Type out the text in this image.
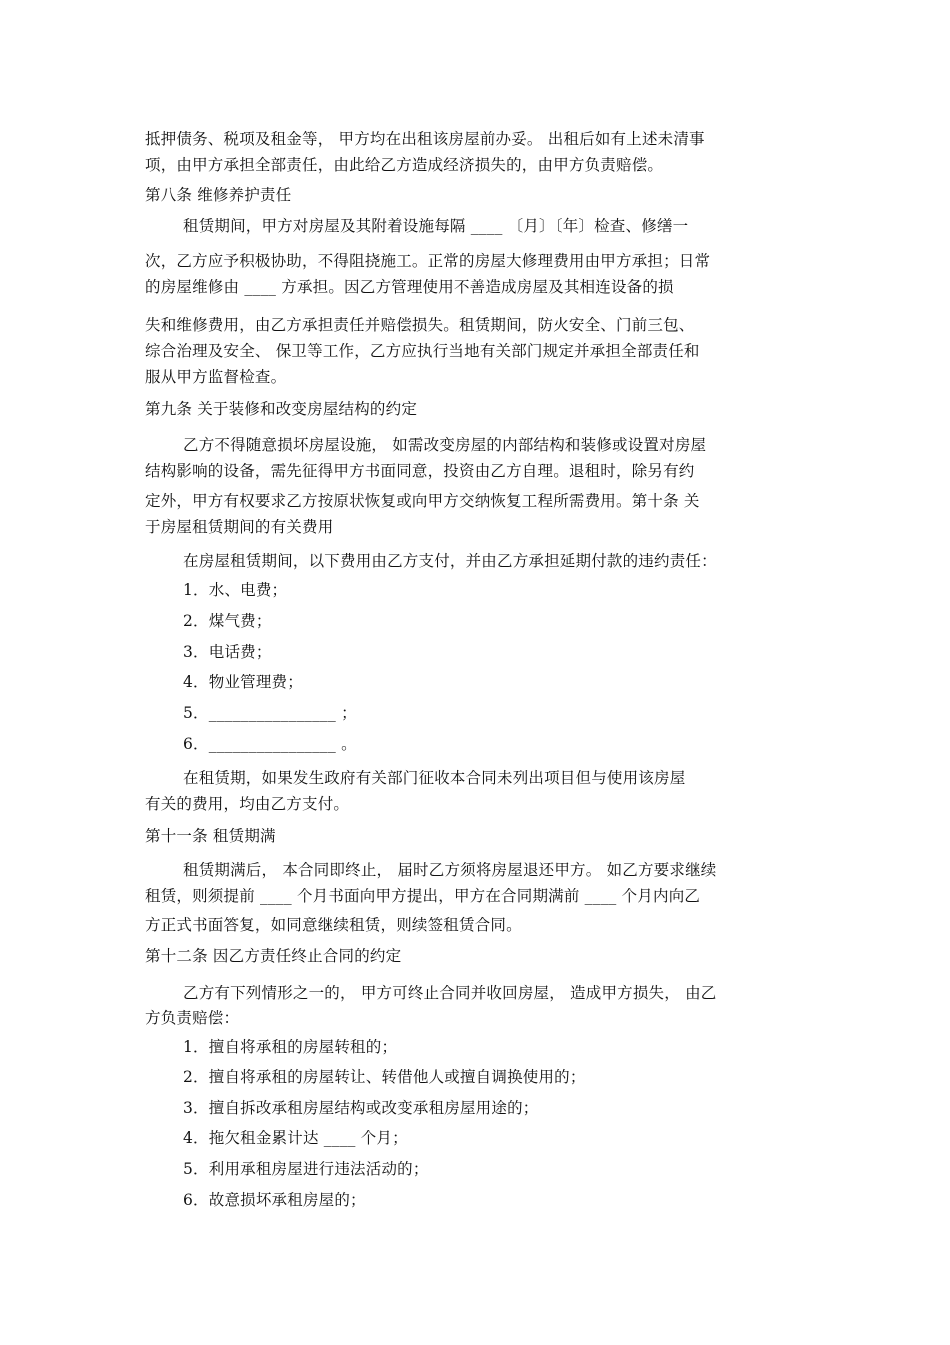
抵押债务、税项及租金等， 甲方均在出租该房屋前办妥。 出租后如有上述未清事
项，由甲方承担全部责任，由此给乙方造成经济损失的，由甲方负责赔偿。
第八条 维修养护责任
租赁期间，甲方对房屋及其附着设施每隔 ____ 〔月〕〔年〕检查、修缮一
次，乙方应予积极协助，不得阻挠施工。正常的房屋大修理费用由甲方承担；日常
的房屋维修由 ____ 方承担。因乙方管理使用不善造成房屋及其相连设备的损
失和维修费用，由乙方承担责任并赔偿损失。租赁期间，防火安全、门前三包、
综合治理及安全、 保卫等工作，乙方应执行当地有关部门规定并承担全部责任和
服从甲方监督检查。
第九条 关于装修和改变房屋结构的约定
乙方不得随意损坏房屋设施， 如需改变房屋的内部结构和装修或设置对房屋
结构影响的设备，需先征得甲方书面同意，投资由乙方自理。退租时，除另有约
定外，甲方有权要求乙方按原状恢复或向甲方交纳恢复工程所需费用。第十条 关
于房屋租赁期间的有关费用
在房屋租赁期间，以下费用由乙方支付，并由乙方承担延期付款的违约责任：
1．水、电费；
2．煤气费；
3．电话费；
4．物业管理费；
5．________________ ；
6．________________ 。
在租赁期，如果发生政府有关部门征收本合同未列出项目但与使用该房屋
有关的费用，均由乙方支付。
第十一条 租赁期满
租赁期满后， 本合同即终止， 届时乙方须将房屋退还甲方。 如乙方要求继续
租赁，则须提前 ____ 个月书面向甲方提出，甲方在合同期满前 ____ 个月内向乙
方正式书面答复，如同意继续租赁，则续签租赁合同。
第十二条 因乙方责任终止合同的约定
乙方有下列情形之一的， 甲方可终止合同并收回房屋， 造成甲方损失， 由乙
方负责赔偿：
1．擅自将承租的房屋转租的；
2．擅自将承租的房屋转让、转借他人或擅自调换使用的；
3．擅自拆改承租房屋结构或改变承租房屋用途的；
4．拖欠租金累计达 ____ 个月；
5．利用承租房屋进行违法活动的；
6．故意损坏承租房屋的；
